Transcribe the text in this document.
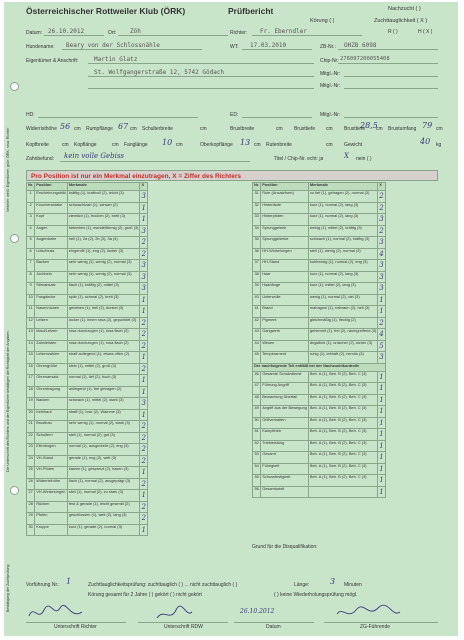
Verteiler: weiß: Eigentümer, grün: ÖRK, rosa: Richter
Die Unterschrift des Richters und der Eigentümer bestätigen die Richtigkeit der Angaben.
Bestätigung der Zuchtprüfung:
Österreichischer Rottweiler Klub (ÖRK)	Prüfbericht	Nachzucht ( )
Körung ( )	Zuchttauglichkeit ( X )
R ( )	H ( X )
Datum: 26.10.2012	Ort: Zöh	Richter: Fr. Eberndler
Hundename: Beary von der Schlossnähle	WT: 17.03.2010	ZB-Nr.: ÖHZB 6098
Eigentümer & Anschrift:	Martin Glatz	Chip-Nr: 276097200055408
St. Wolfgangerstraße 12, 5742 Gödach	Mitgl.-Nr:
Mitgl.-Nr:
HD:	ED:	Mitgl.-Nr:
Widerristhöhe 56 cm Rumpflänge 67 cm Schulterbreite	cm	Brustbreite	cm Brusttiefe cm Brusttiefe
28,5
cm Brustumfang 79 cm
Kopfbreite	cm Kopflänge	cm Fanglänge 10 cm	Oberkopflänge 13 cm Rutenbreite	cm Gewicht	40 kg
Zahnbefund: kein volle Gebiss	Titel / Chip-Nr. echt: ja	X nein ( )
Pro Position ist nur ein Merkmal einzutragen, X = Ziffer des Richters
Nr.	Position	Merkmale	X
1	Erscheinungsbild	kräftig (1), kraftvoll (2), leicht (3)	3
2	Knochenstärke	schwach/zart (1), schwer (2)	1
3	Kopf	ziemlich (1), trocken (2), breit (3)	1
4	Augen	betrieben (1), mandelförmig (2), groß (3)	3
5	Augenfarbe	hell (1), 2a (2), 2b (3), 3a (4)	2
6	Lidschluss	eingerollt (1), eng (2), locker (3)	2
7	Backen	sehr wenig (1), wenig (2), normal (3)	3
8	Jochbein	sehr wenig (1), wenig (2), normal (3)	3
9	Stirnabsatz	flach (1), kräftig (2), mittel (3)	3
10	Fangdecke	spitz (1), schmal (2), breit (3)	1
11	Nasenrücken	gerieben (1), hell (2), dunkel (3)	1
12	Lefzen	locker (1), innen rosa (2), gepunktet (3)	2
13	Maul/Lefzen	rosa durchzogen (1), rosa flach (2)	2
14	Zahnleisten	rosa durchzogen (1), rosa flach (2)	2
15	Lefzenzahlen	straff anliegend (1), etwas offen (2)	1
16	Ohrengröße	klein (1), mittel (2), groß (3)	2
17	Ohrenansatz	normal (1), tief (2), hoch (3)	1
18	Ohrentragung	anliegend (1), frei getragen (2)	1
19	Nacken	schwach (1), mittel (2), stark (3)	3
20	Kehlhaut	straff (1), lose (2), Wamme (3)	1
21	Brustbau	sehr wenig (1), normal (2), stark (3)	2
22	Schultern	steil (1), normal (2), gut (3)	2
23	Ellenbogen	normal (1), ausgedreht (2), eng (3)	2
24	VH-Stand	gerade (1), eng (2), weit (3)	2
25	VH-Pfoten	katzen (1), gespreizt (2), hasen (3)	1
26	Widerristhöhe	flach (1), normal (2), ausgeprägt (3)	2
27	VH-Winkelungen	steil (1), normal (2), zu stark (3)	1
28	Rücken	fest & gerade (1), leicht gesenkt (2)	2
29	Pfoten	geschlossen (1), weit (2), lang (3)	2
30	Kruppe	kurz (1), gerade (2), normal (3)	1
Nr.	Position	Merkmale	X
31	Rute (Ansatzform)	zu tief (1), getragen (2), normal (3)	2
32	Hinterläufe	kurz (1), normal (2), lang (3)	2
33	Hinterpfoten	kurz (1), normal (2), lang (3)	3
34	Sprunggelenk	wenig (1), mittel (2), kräftig (3)	2
35	Sprunggelenke	schwach (1), normal (2), kräftig (3)	3
36	HH-Winkelungen	steil (1), wenig (2), normal (3)	4
37	HH-Stand	kuhhessig (1), normal (2), eng (3)	3
38	Haar	kurz (1), normal (2), lang (3)	3
39	Haarlänge	kurz (1), mittel (2), lang (3)	3
40	Unterwolle	wenig (1), normal (2), viel (3)	1
41	Brand	mahagoni (1), rotbraun (2), hell (3)	1
42	Pigment	gleichmäßig (1), fleckig (2)	2
43	Gangwerk	gehemmt (1), frei (2), raumgreifend (3)	4
44	Wesen	ängstlich (1), unsicher (2), sicher (3)	5
45	Temperament	ruhig (1), lebhaft (2), nervös (3)	3
Der nachfolgende Teil entfällt bei der Nachzuchtkontrolle			
46	Gesamte Schutzdienst	Beh. A (1), Beh. B (2), Beh. C (3)	1
47	Führung Angriff	Beh. A (1), Beh. B (2), Beh. C (3)	1
48	Bewachung Überfall	Beh. A (1), Beh. B (2), Beh. C (3)	1
49	Angriff aus der Bewegung	Beh. A (1), Beh. B (2), Beh. C (3)	1
50	Griffverhalten	Beh. A (1), Beh. B (2), Beh. C (3)	1
51	Kampftrieb	Beh. A (1), Beh. B (2), Beh. C (3)	1
52	Triebleistung	Beh. A (1), Beh. B (2), Beh. C (3)	1
53	Gesamt	Beh. A (1), Beh. B (2), Beh. C (3)	1
54	Führigkeit	Beh. A (1), Beh. B (2), Beh. C (3)	1
55	Schussfestigkeit	Beh. A (1), Beh. B (2), Beh. C (3)	1
56	Gesamturteil		1
Grund für die Disqualifikation:
Vorführung Nr.: 1	Zuchttauglichkeitsprüfung: zuchttauglich ( ) ... nicht zuchttauglich ( )	Länge:	3 Minuten
Körung gesamt für 2 Jahre ( ) gekört ( ) nicht gekört	( ) keine Wiederholungsprüfung mögl.
26.10.2012
Unterschrift Richter	Unterschrift RDW	Datum	ZG-Führende
